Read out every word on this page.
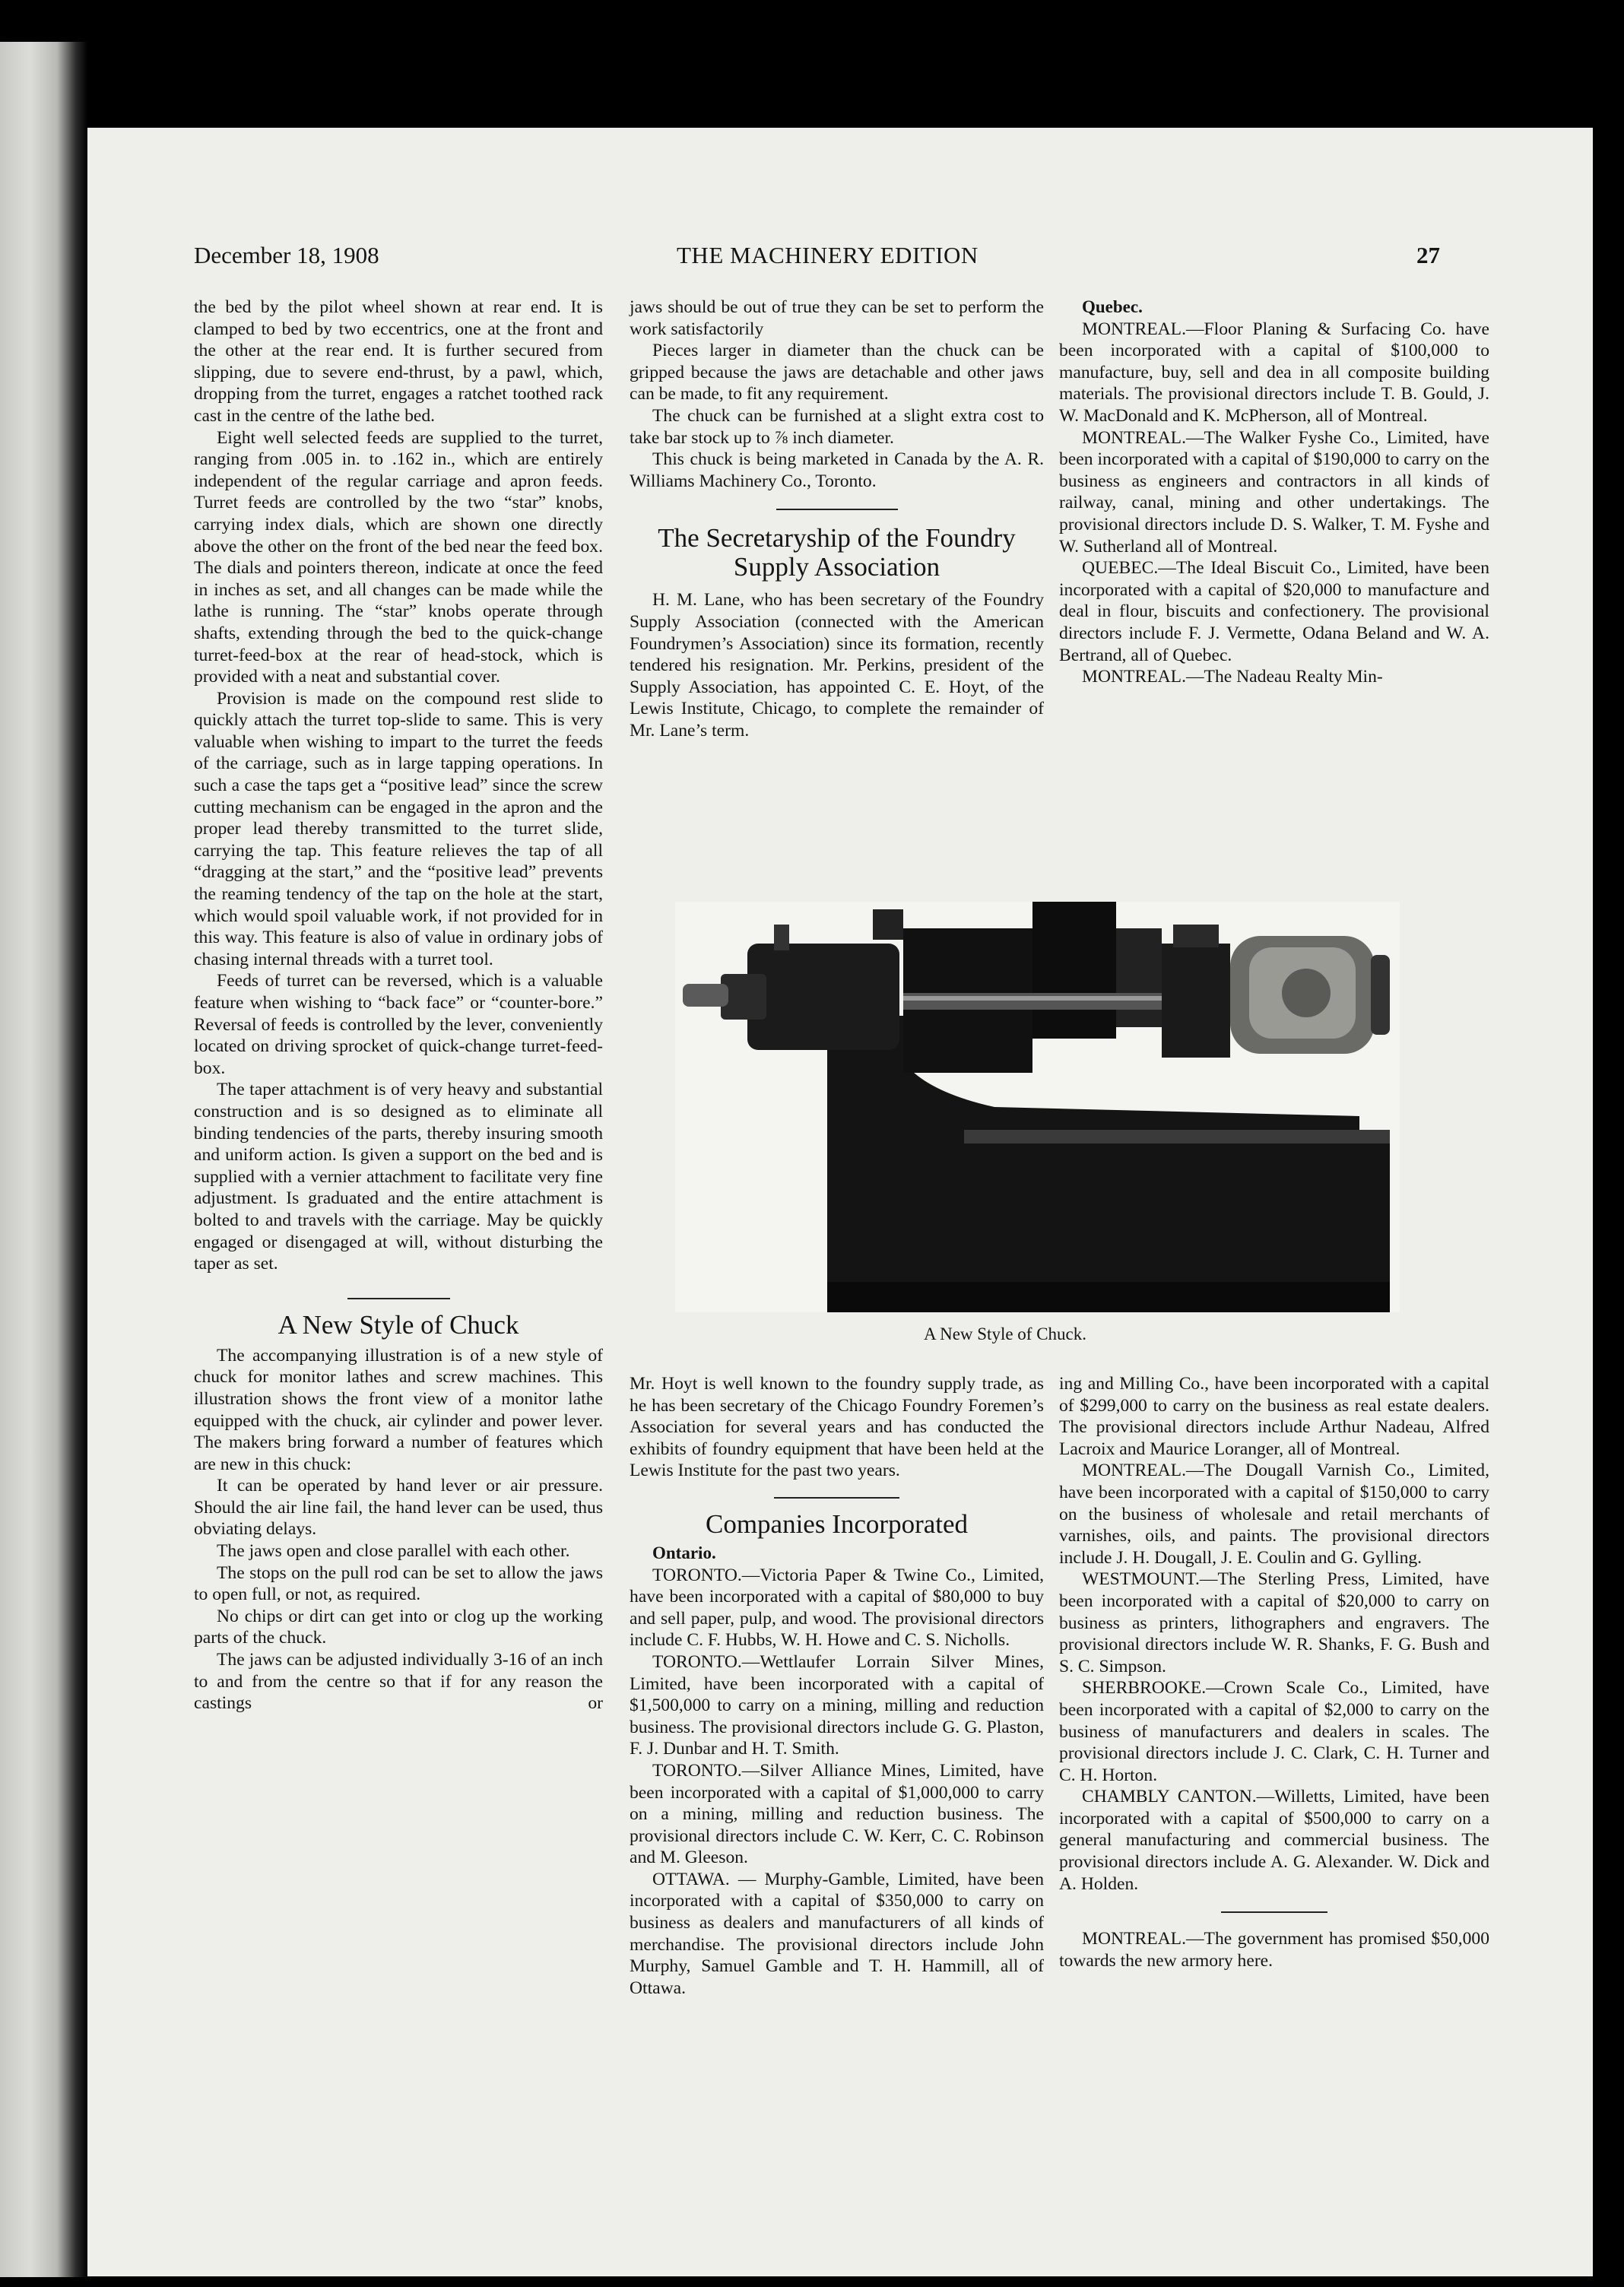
December 18, 1908	THE MACHINERY EDITION	27

the bed by the pilot wheel shown at rear end. It is clamped to bed by two eccentrics, one at the front and the other at the rear end. It is further secured from slipping, due to severe end-thrust, by a pawl, which, dropping from the turret, engages a ratchet toothed rack cast in the centre of the lathe bed.

Eight well selected feeds are supplied to the turret, ranging from .005 in. to .162 in., which are entirely independent of the regular carriage and apron feeds. Turret feeds are controlled by the two “star” knobs, carrying index dials, which are shown one directly above the other on the front of the bed near the feed box. The dials and pointers thereon, indicate at once the feed in inches as set, and all changes can be made while the lathe is running. The “star” knobs operate through shafts, extending through the bed to the quick-change turret-feed-box at the rear of head-stock, which is provided with a neat and substantial cover.

Provision is made on the compound rest slide to quickly attach the turret top-slide to same. This is very valuable when wishing to impart to the turret the feeds of the carriage, such as in large tapping operations. In such a case the taps get a “positive lead” since the screw cutting mechanism can be engaged in the apron and the proper lead thereby transmitted to the turret slide, carrying the tap. This feature relieves the tap of all “dragging at the start,” and the “positive lead” prevents the reaming tendency of the tap on the hole at the start, which would spoil valuable work, if not provided for in this way. This feature is also of value in ordinary jobs of chasing internal threads with a turret tool.

Feeds of turret can be reversed, which is a valuable feature when wishing to “back face” or “counter-bore.” Reversal of feeds is controlled by the lever, conveniently located on driving sprocket of quick-change turret-feed-box.

The taper attachment is of very heavy and substantial construction and is so designed as to eliminate all binding tendencies of the parts, thereby insuring smooth and uniform action. Is given a support on the bed and is supplied with a vernier attachment to facilitate very fine adjustment. Is graduated and the entire attachment is bolted to and travels with the carriage. May be quickly engaged or disengaged at will, without disturbing the taper as set.

A New Style of Chuck

The accompanying illustration is of a new style of chuck for monitor lathes and screw machines. This illustration shows the front view of a monitor lathe equipped with the chuck, air cylinder and power lever. The makers bring forward a number of features which are new in this chuck:

It can be operated by hand lever or air pressure. Should the air line fail, the hand lever can be used, thus obviating delays.

The jaws open and close parallel with each other.

The stops on the pull rod can be set to allow the jaws to open full, or not, as required.

No chips or dirt can get into or clog up the working parts of the chuck.

The jaws can be adjusted individually 3-16 of an inch to and from the centre so that if for any reason the castings or

jaws should be out of true they can be set to perform the work satisfactorily

Pieces larger in diameter than the chuck can be gripped because the jaws are detachable and other jaws can be made, to fit any requirement.

The chuck can be furnished at a slight extra cost to take bar stock up to ⅞ inch diameter.

This chuck is being marketed in Canada by the A. R. Williams Machinery Co., Toronto.

The Secretaryship of the Foundry
Supply Association

H. M. Lane, who has been secretary of the Foundry Supply Association (connected with the American Foundrymen’s Association) since its formation, recently tendered his resignation. Mr. Perkins, president of the Supply Association, has appointed C. E. Hoyt, of the Lewis Institute, Chicago, to complete the remainder of Mr. Lane’s term.

Quebec.

MONTREAL.—Floor Planing & Surfacing Co. have been incorporated with a capital of $100,000 to manufacture, buy, sell and dea in all composite building materials. The provisional directors include T. B. Gould, J. W. MacDonald and K. McPherson, all of Montreal.

MONTREAL.—The Walker Fyshe Co., Limited, have been incorporated with a capital of $190,000 to carry on the business as engineers and contractors in all kinds of railway, canal, mining and other undertakings. The provisional directors include D. S. Walker, T. M. Fyshe and W. Sutherland all of Montreal.

QUEBEC.—The Ideal Biscuit Co., Limited, have been incorporated with a capital of $20,000 to manufacture and deal in flour, biscuits and confectionery. The provisional directors include F. J. Vermette, Odana Beland and W. A. Bertrand, all of Quebec.

MONTREAL.—The Nadeau Realty Min-

A New Style of Chuck.

Mr. Hoyt is well known to the foundry supply trade, as he has been secretary of the Chicago Foundry Foremen’s Association for several years and has conducted the exhibits of foundry equipment that have been held at the Lewis Institute for the past two years.

Companies Incorporated

Ontario.

TORONTO.—Victoria Paper & Twine Co., Limited, have been incorporated with a capital of $80,000 to buy and sell paper, pulp, and wood. The provisional directors include C. F. Hubbs, W. H. Howe and C. S. Nicholls.

TORONTO.—Wettlaufer Lorrain Silver Mines, Limited, have been incorporated with a capital of $1,500,000 to carry on a mining, milling and reduction business. The provisional directors include G. G. Plaston, F. J. Dunbar and H. T. Smith.

TORONTO.—Silver Alliance Mines, Limited, have been incorporated with a capital of $1,000,000 to carry on a mining, milling and reduction business. The provisional directors include C. W. Kerr, C. C. Robinson and M. Gleeson.

OTTAWA. — Murphy-Gamble, Limited, have been incorporated with a capital of $350,000 to carry on business as dealers and manufacturers of all kinds of merchandise. The provisional directors include John Murphy, Samuel Gamble and T. H. Hammill, all of Ottawa.

ing and Milling Co., have been incorporated with a capital of $299,000 to carry on the business as real estate dealers. The provisional directors include Arthur Nadeau, Alfred Lacroix and Maurice Loranger, all of Montreal.

MONTREAL.—The Dougall Varnish Co., Limited, have been incorporated with a capital of $150,000 to carry on the business of wholesale and retail merchants of varnishes, oils, and paints. The provisional directors include J. H. Dougall, J. E. Coulin and G. Gylling.

WESTMOUNT.—The Sterling Press, Limited, have been incorporated with a capital of $20,000 to carry on business as printers, lithographers and engravers. The provisional directors include W. R. Shanks, F. G. Bush and S. C. Simpson.

SHERBROOKE.—Crown Scale Co., Limited, have been incorporated with a capital of $2,000 to carry on the business of manufacturers and dealers in scales. The provisional directors include J. C. Clark, C. H. Turner and C. H. Horton.

CHAMBLY CANTON.—Willetts, Limited, have been incorporated with a capital of $500,000 to carry on a general manufacturing and commercial business. The provisional directors include A. G. Alexander. W. Dick and A. Holden.

MONTREAL.—The government has promised $50,000 towards the new armory here.
